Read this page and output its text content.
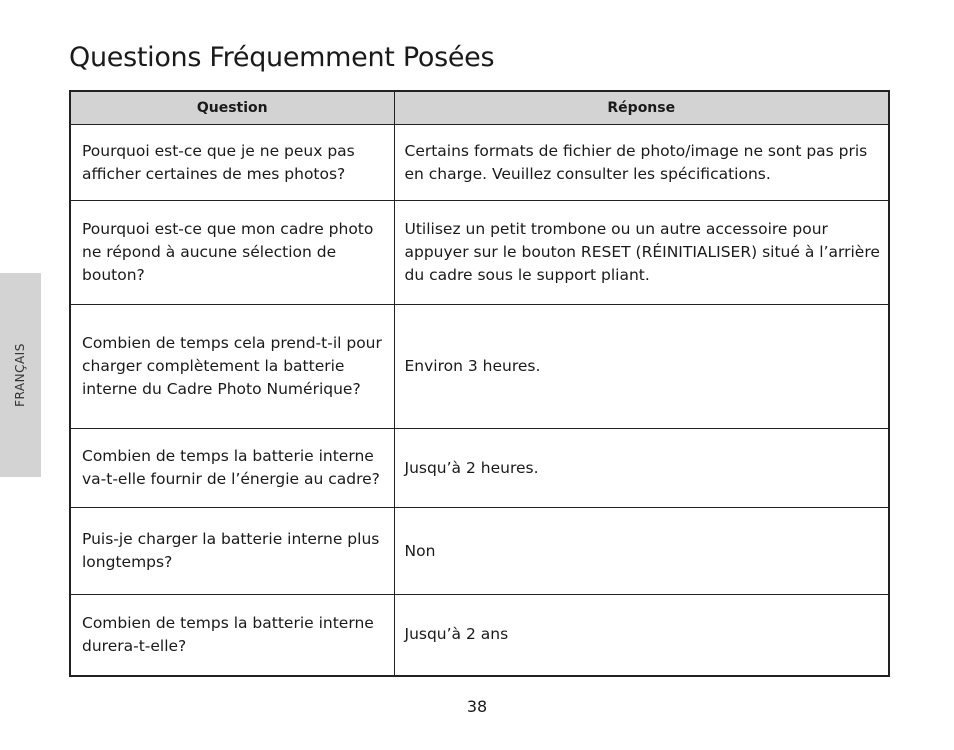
Questions Fréquemment Posées
FRANÇAIS
Question	Réponse
Pourquoi est-ce que je ne peux pas afficher certaines de mes photos?	Certains formats de fichier de photo/image ne sont pas pris en charge. Veuillez consulter les spécifications.
Pourquoi est-ce que mon cadre photo ne répond à aucune sélection de bouton?	Utilisez un petit trombone ou un autre accessoire pour appuyer sur le bouton RESET (RÉINITIALISER) situé à l’arrière du cadre sous le support pliant.
Combien de temps cela prend-t-il pour charger complètement la batterie interne du Cadre Photo Numérique?	Environ 3 heures.
Combien de temps la batterie interne va-t-elle fournir de l’énergie au cadre?	Jusqu’à 2 heures.
Puis-je charger la batterie interne plus longtemps?	Non
Combien de temps la batterie interne durera-t-elle?	Jusqu’à 2 ans
38
